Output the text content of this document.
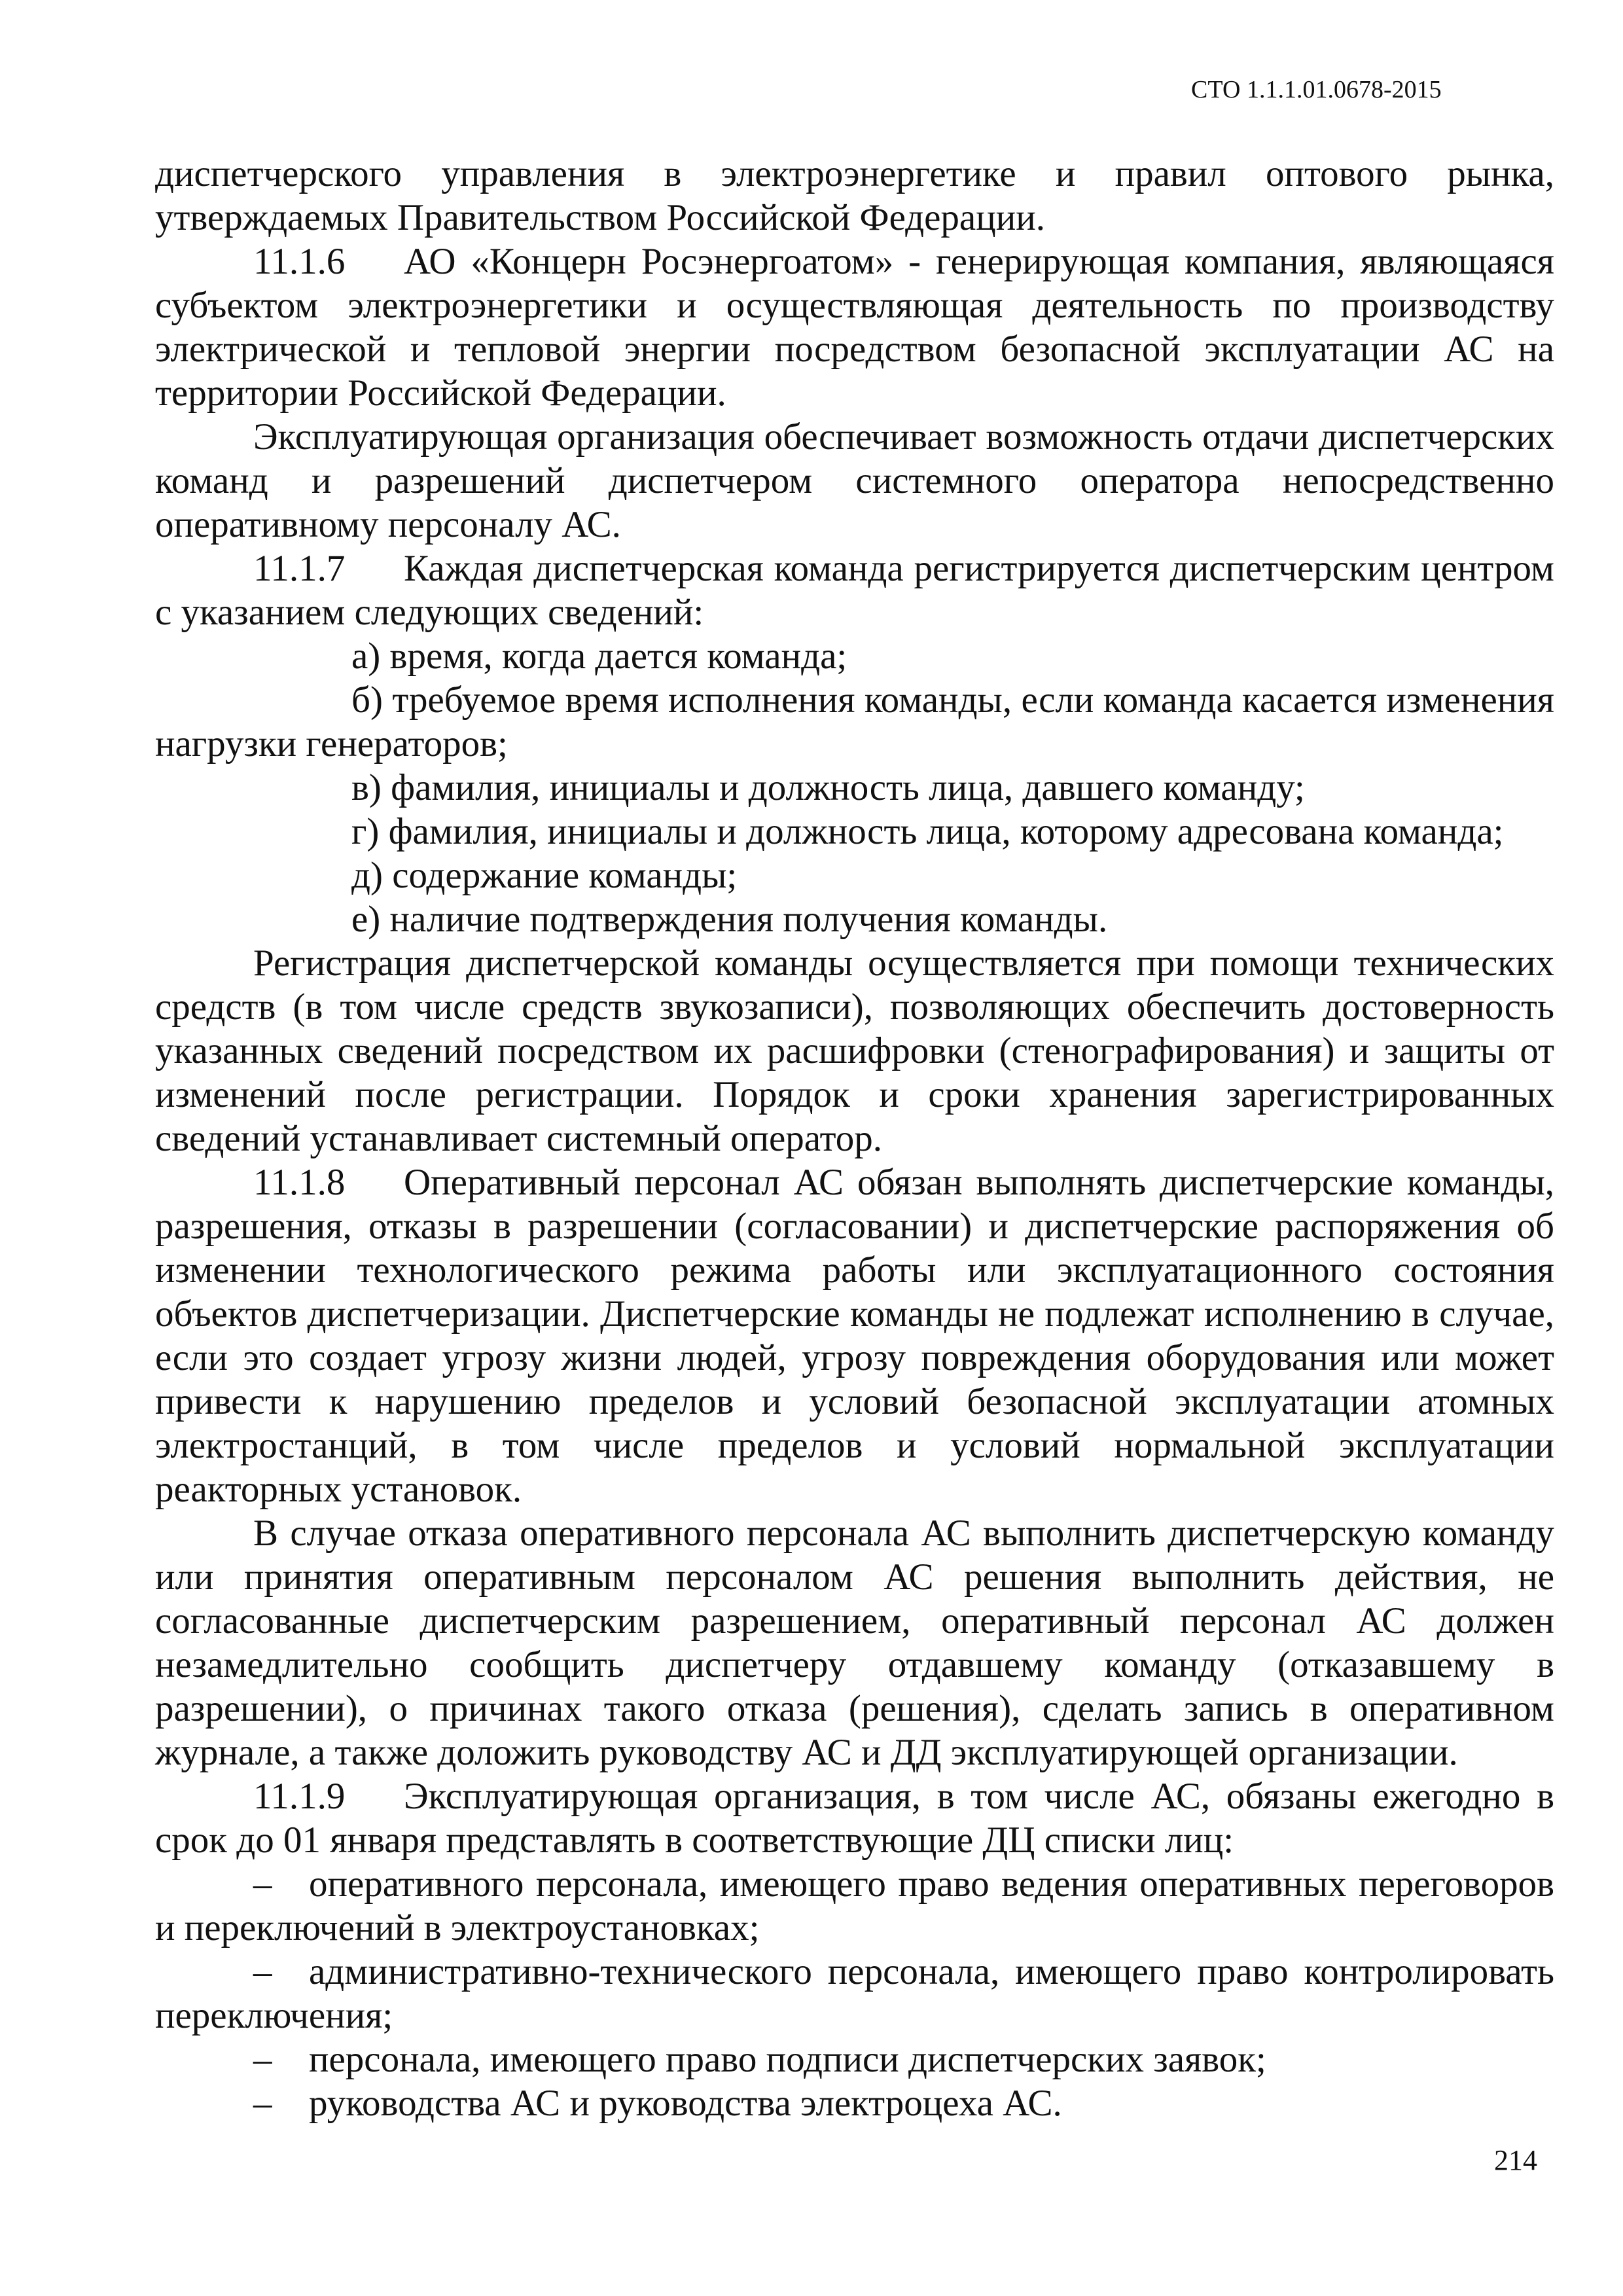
СТО 1.1.1.01.0678-2015

диспетчерского управления в электроэнергетике и правил оптового рынка, утверждаемых Правительством Российской Федерации.

11.1.6 АО «Концерн Росэнергоатом» - генерирующая компания, являющаяся субъектом электроэнергетики и осуществляющая деятельность по производству электрической и тепловой энергии посредством безопасной эксплуатации АС на территории Российской Федерации.

Эксплуатирующая организация обеспечивает возможность отдачи диспетчерских команд и разрешений диспетчером системного оператора непосредственно оперативному персоналу АС.

11.1.7 Каждая диспетчерская команда регистрируется диспетчерским центром с указанием следующих сведений:

а) время, когда дается команда;

б) требуемое время исполнения команды, если команда касается изменения нагрузки генераторов;

в) фамилия, инициалы и должность лица, давшего команду;

г) фамилия, инициалы и должность лица, которому адресована команда;

д) содержание команды;

е) наличие подтверждения получения команды.

Регистрация диспетчерской команды осуществляется при помощи технических средств (в том числе средств звукозаписи), позволяющих обеспечить достоверность указанных сведений посредством их расшифровки (стенографирования) и защиты от изменений после регистрации. Порядок и сроки хранения зарегистрированных сведений устанавливает системный оператор.

11.1.8 Оперативный персонал АС обязан выполнять диспетчерские команды, разрешения, отказы в разрешении (согласовании) и диспетчерские распоряжения об изменении технологического режима работы или эксплуатационного состояния объектов диспетчеризации. Диспетчерские команды не подлежат исполнению в случае, если это создает угрозу жизни людей, угрозу повреждения оборудования или может привести к нарушению пределов и условий безопасной эксплуатации атомных электростанций, в том числе пределов и условий нормальной эксплуатации реакторных установок.

В случае отказа оперативного персонала АС выполнить диспетчерскую команду или принятия оперативным персоналом АС решения выполнить действия, не согласованные диспетчерским разрешением, оперативный персонал АС должен незамедлительно сообщить диспетчеру отдавшему команду (отказавшему в разрешении), о причинах такого отказа (решения), сделать запись в оперативном журнале, а также доложить руководству АС и ДД эксплуатирующей организации.

11.1.9 Эксплуатирующая организация, в том числе АС, обязаны ежегодно в срок до 01 января представлять в соответствующие ДЦ списки лиц:

– оперативного персонала, имеющего право ведения оперативных переговоров и переключений в электроустановках;

– административно-технического персонала, имеющего право контролировать переключения;

– персонала, имеющего право подписи диспетчерских заявок;

– руководства АС и руководства электроцеха АС.

214
